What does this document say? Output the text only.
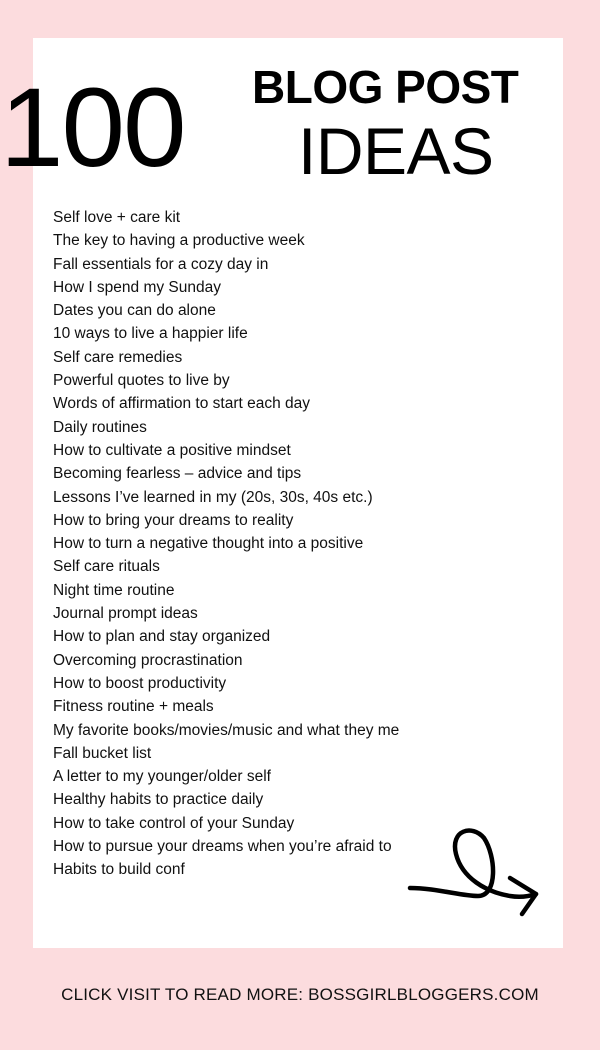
100 BLOG POST
IDEAS
Self love + care kit
The key to having a productive week
Fall essentials for a cozy day in
How I spend my Sunday
Dates you can do alone
10 ways to live a happier life
Self care remedies
Powerful quotes to live by
Words of affirmation to start each day
Daily routines
How to cultivate a positive mindset
Becoming fearless – advice and tips
Lessons I’ve learned in my (20s, 30s, 40s etc.)
How to bring your dreams to reality
How to turn a negative thought into a positive
Self care rituals
Night time routine
Journal prompt ideas
How to plan and stay organized
Overcoming procrastination
How to boost productivity
Fitness routine + meals
My favorite books/movies/music and what they me
Fall bucket list
A letter to my younger/older self
Healthy habits to practice daily
How to take control of your Sunday
How to pursue your dreams when you’re afraid to
Habits to build conf
CLICK VISIT TO READ MORE: BOSSGIRLBLOGGERS.COM
